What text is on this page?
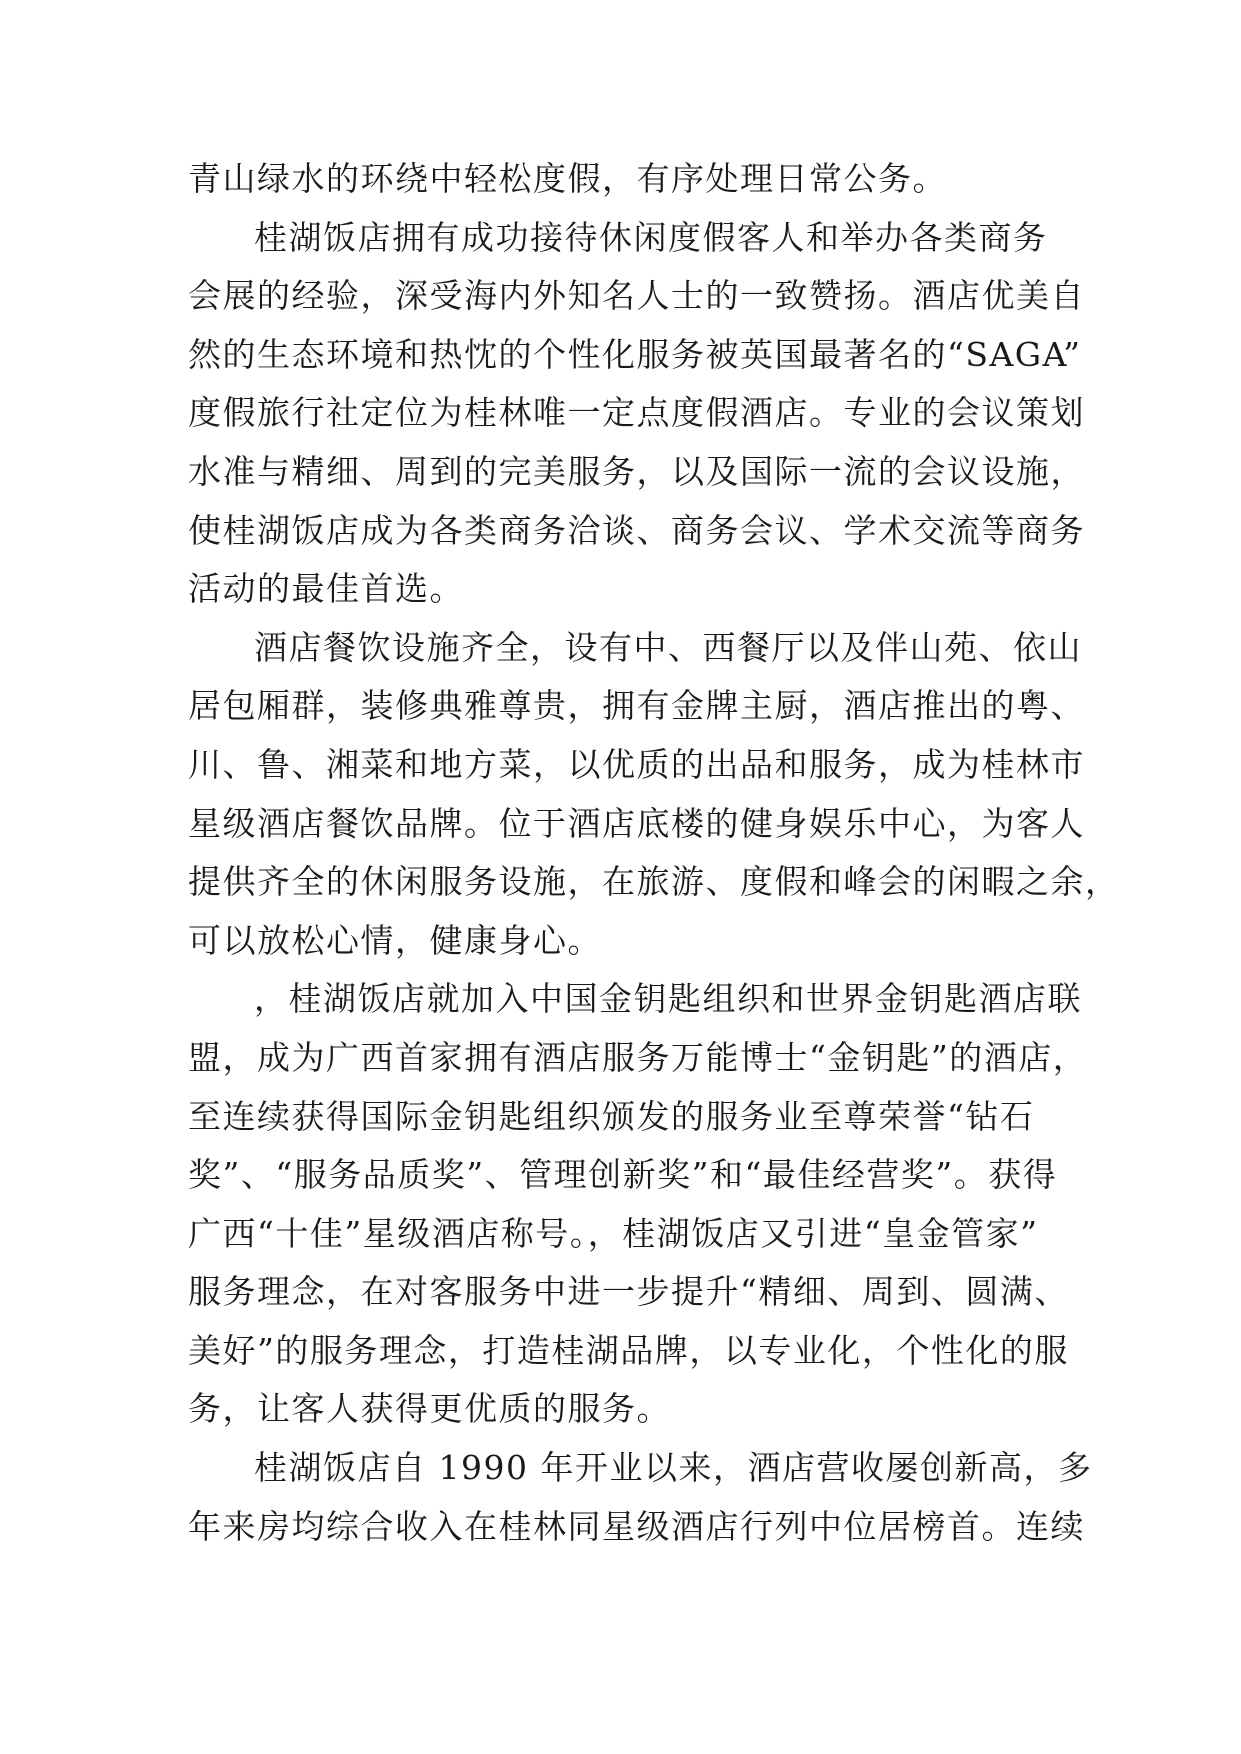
青山绿水的环绕中轻松度假，有序处理日常公务。
桂湖饭店拥有成功接待休闲度假客人和举办各类商务
会展的经验，深受海内外知名人士的一致赞扬。酒店优美自
然的生态环境和热忱的个性化服务被英国最著名的“SAGA”
度假旅行社定位为桂林唯一定点度假酒店。专业的会议策划
水准与精细、周到的完美服务，以及国际一流的会议设施，
使桂湖饭店成为各类商务洽谈、商务会议、学术交流等商务
活动的最佳首选。
酒店餐饮设施齐全，设有中、西餐厅以及伴山苑、依山
居包厢群，装修典雅尊贵，拥有金牌主厨，酒店推出的粤、
川、鲁、湘菜和地方菜，以优质的出品和服务，成为桂林市
星级酒店餐饮品牌。位于酒店底楼的健身娱乐中心，为客人
提供齐全的休闲服务设施，在旅游、度假和峰会的闲暇之余，
可以放松心情，健康身心。
，桂湖饭店就加入中国金钥匙组织和世界金钥匙酒店联
盟，成为广西首家拥有酒店服务万能博士“金钥匙”的酒店，
至连续获得国际金钥匙组织颁发的服务业至尊荣誉“钻石
奖”、“服务品质奖”、管理创新奖”和“最佳经营奖”。获得
广西“十佳”星级酒店称号。，桂湖饭店又引进“皇金管家”
服务理念，在对客服务中进一步提升“精细、周到、圆满、
美好”的服务理念，打造桂湖品牌，以专业化，个性化的服
务，让客人获得更优质的服务。
桂湖饭店自 1990 年开业以来，酒店营收屡创新高，多
年来房均综合收入在桂林同星级酒店行列中位居榜首。连续
